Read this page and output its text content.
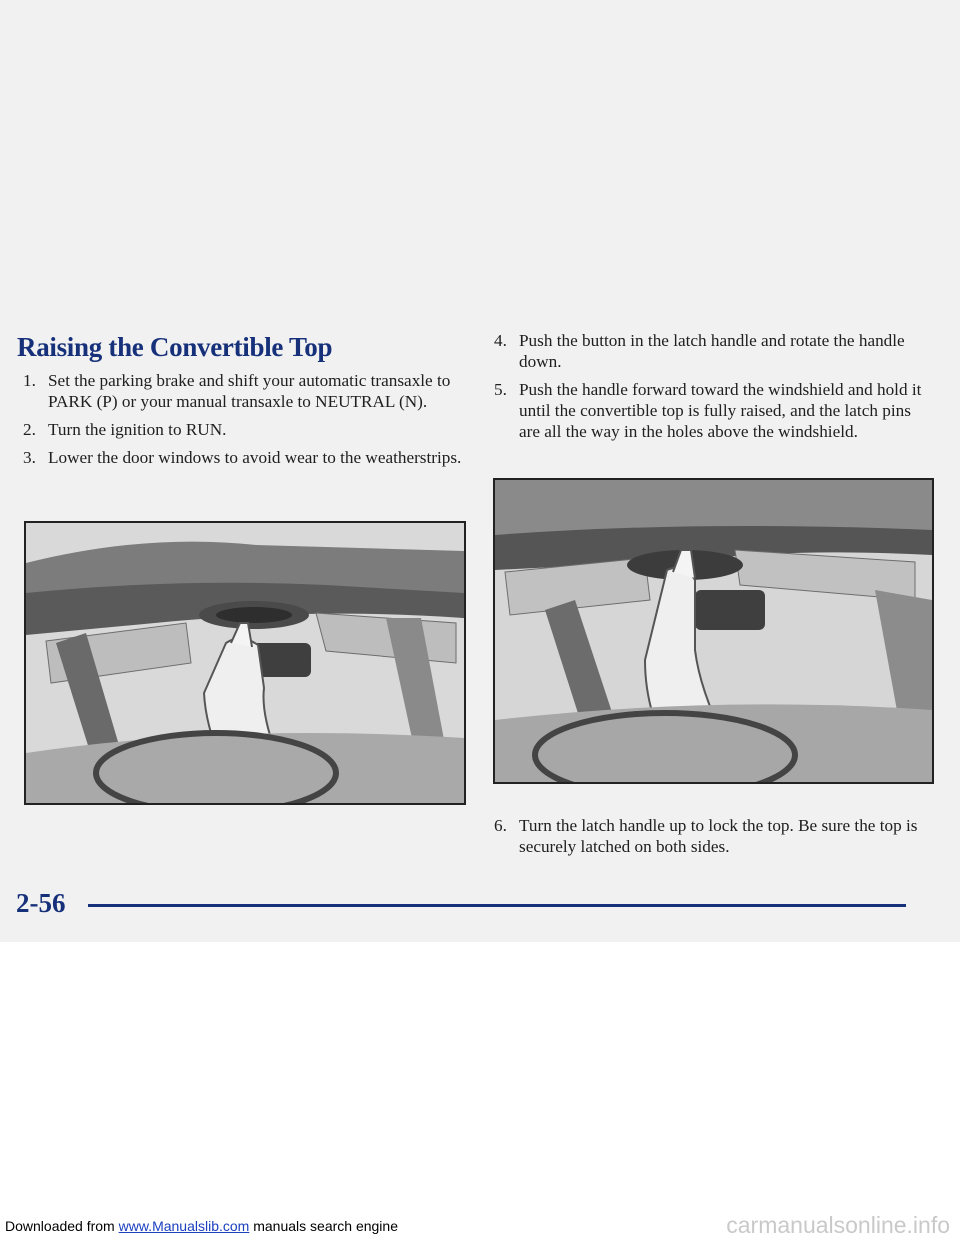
Raising the Convertible Top
1. Set the parking brake and shift your automatic transaxle to PARK (P) or your manual transaxle to NEUTRAL (N).
2. Turn the ignition to RUN.
3. Lower the door windows to avoid wear to the weatherstrips.
4. Push the button in the latch handle and rotate the handle down.
5. Push the handle forward toward the windshield and hold it until the convertible top is fully raised, and the latch pins are all the way in the holes above the windshield.
6. Turn the latch handle up to lock the top. Be sure the top is securely latched on both sides.
2-56
Downloaded from www.Manualslib.com manuals search engine	carmanualsonline.info
